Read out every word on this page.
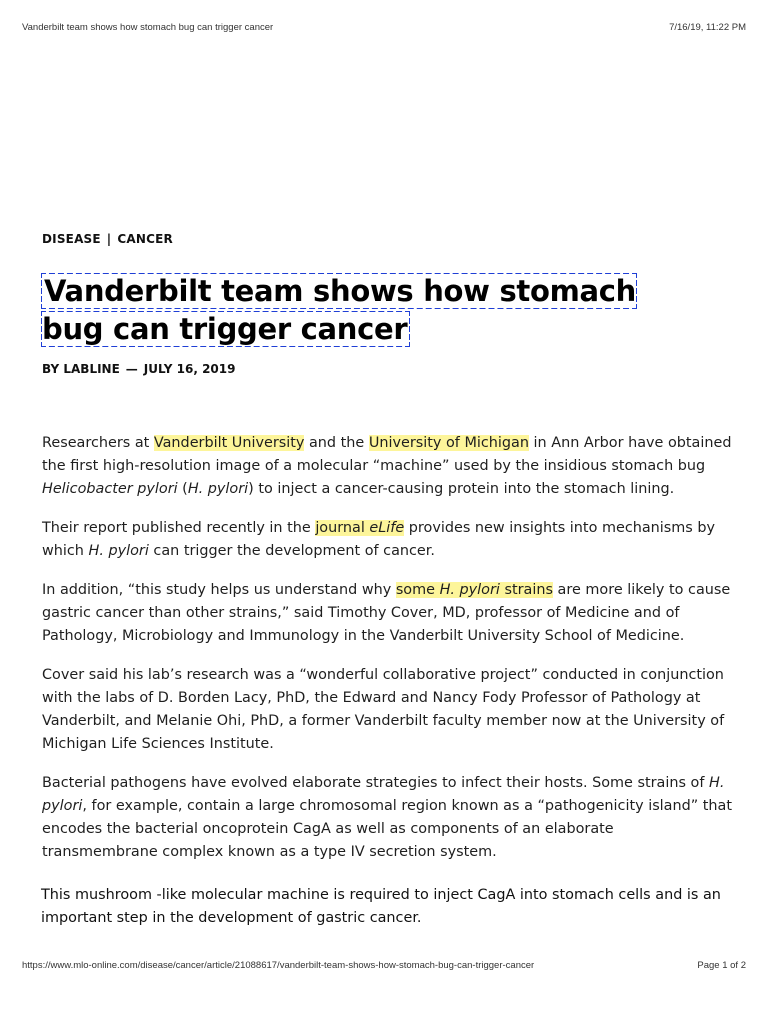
Vanderbilt team shows how stomach bug can trigger cancer	7/16/19, 11:22 PM
DISEASE | CANCER
Vanderbilt team shows how stomach bug can trigger cancer
BY LABLINE — JULY 16, 2019

Researchers at Vanderbilt University and the University of Michigan in Ann Arbor have obtained the first high-resolution image of a molecular “machine” used by the insidious stomach bug Helicobacter pylori (H. pylori) to inject a cancer-causing protein into the stomach lining.

Their report published recently in the journal eLife provides new insights into mechanisms by which H. pylori can trigger the development of cancer.

In addition, “this study helps us understand why some H. pylori strains are more likely to cause gastric cancer than other strains,” said Timothy Cover, MD, professor of Medicine and of Pathology, Microbiology and Immunology in the Vanderbilt University School of Medicine.

Cover said his lab’s research was a “wonderful collaborative project” conducted in conjunction with the labs of D. Borden Lacy, PhD, the Edward and Nancy Fody Professor of Pathology at Vanderbilt, and Melanie Ohi, PhD, a former Vanderbilt faculty member now at the University of Michigan Life Sciences Institute.

Bacterial pathogens have evolved elaborate strategies to infect their hosts. Some strains of H. pylori, for example, contain a large chromosomal region known as a “pathogenicity island” that encodes the bacterial oncoprotein CagA as well as components of an elaborate transmembrane complex known as a type IV secretion system.

This mushroom -like molecular machine is required to inject CagA into stomach cells and is an important step in the development of gastric cancer.

https://www.mlo-online.com/disease/cancer/article/21088617/vanderbilt-team-shows-how-stomach-bug-can-trigger-cancer	Page 1 of 2
